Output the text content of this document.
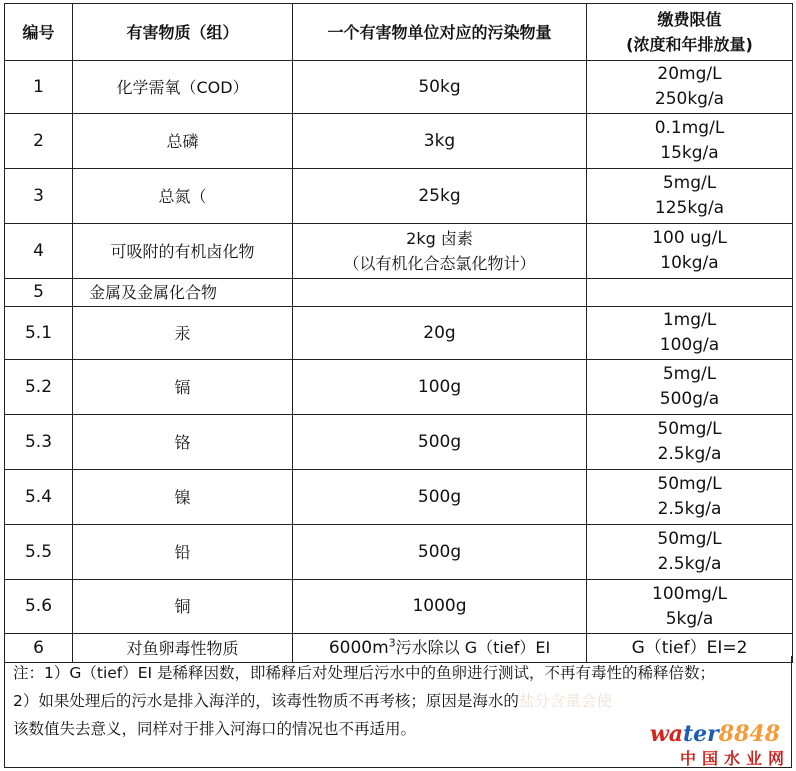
编号	有害物质（组）	一个有害物单位对应的污染物量	缴费限值
(浓度和年排放量)

1	化学需氧（COD）	50kg	20mg/L
250kg/a

2	总磷	3kg	0.1mg/L
15kg/a

3	总氮（	25kg	5mg/L
125kg/a

4	可吸附的有机卤化物	2kg 卤素
（以有机化合态氯化物计）	100 ug/L
10kg/a

5	金属及金属化合物		
5.1	汞	20g	1mg/L
100g/a

5.2	镉	100g	5mg/L
500g/a

5.3	铬	500g	50mg/L
2.5kg/a

5.4	镍	500g	50mg/L
2.5kg/a

5.5	铅	500g	50mg/L
2.5kg/a

5.6	铜	1000g	100mg/L
5kg/a

6	对鱼卵毒性物质	$6000m^3$污水除以 G（tief）EI	G（tief）EI=2

注：1）G（tief）EI 是稀释因数，即稀释后对处理后污水中的鱼卵进行测试，不再有毒性的稀释倍数；

2）如果处理后的污水是排入海洋的，该毒性物质不再考核；原因是海水的盐分含量会使

该数值失去意义，同样对于排入河海口的情况也不再适用。	water8848
中国水业网
